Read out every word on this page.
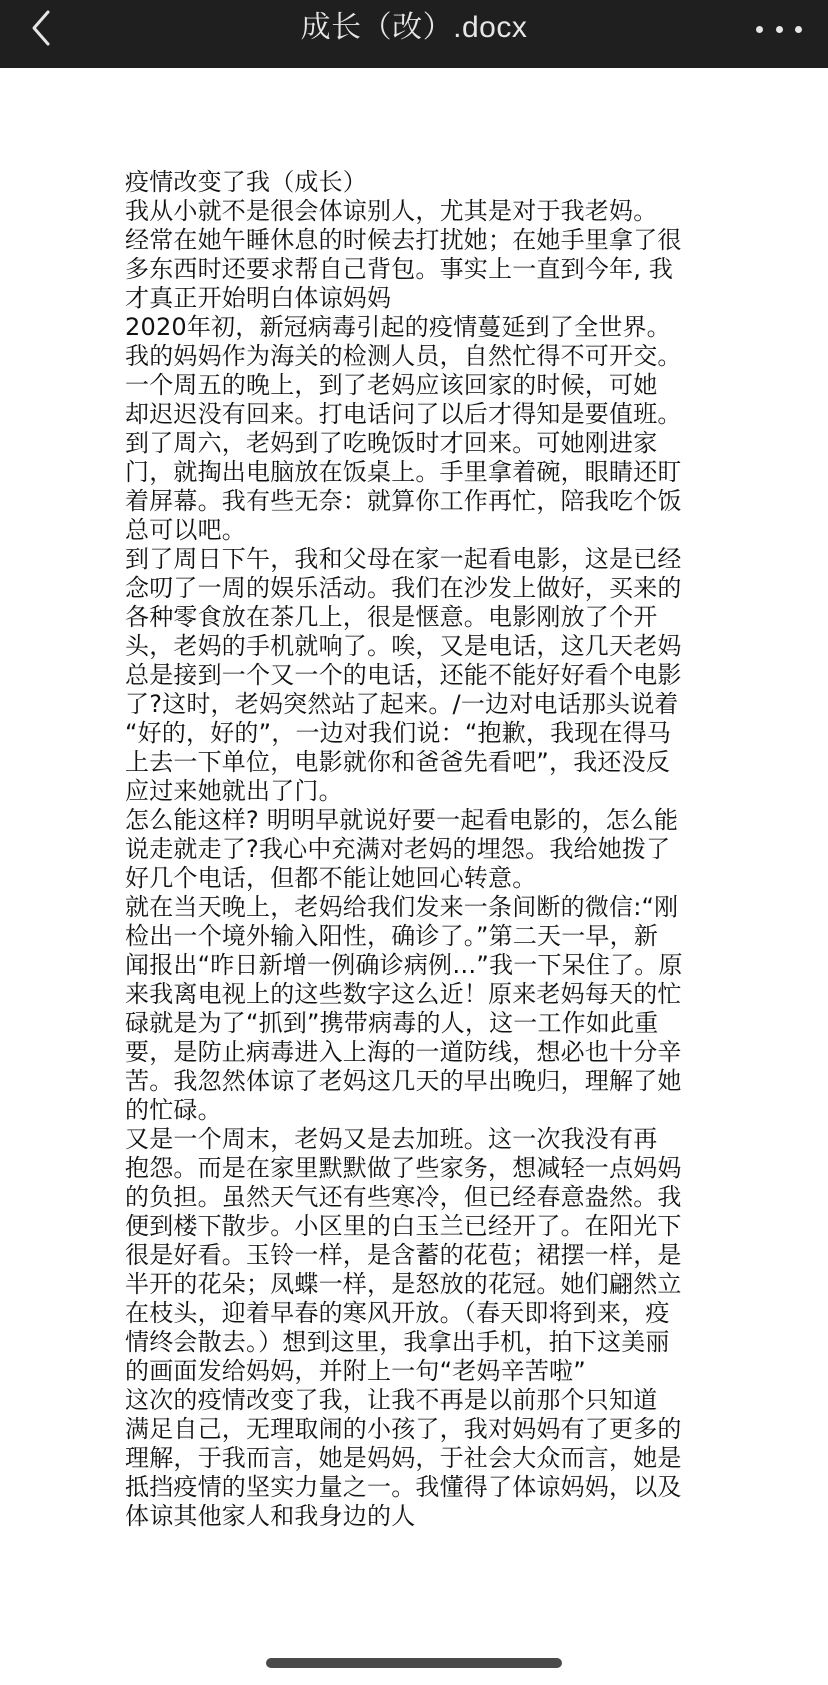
成长（改）.docx
疫情改变了我（成长）
我从小就不是很会体谅别人，尤其是对于我老妈。
经常在她午睡休息的时候去打扰她；在她手里拿了很
多东西时还要求帮自己背包。事实上一直到今年, 我
才真正开始明白体谅妈妈
2020年初，新冠病毒引起的疫情蔓延到了全世界。
我的妈妈作为海关的检测人员，自然忙得不可开交。
一个周五的晚上，到了老妈应该回家的时候，可她
却迟迟没有回来。打电话问了以后才得知是要值班。
到了周六，老妈到了吃晚饭时才回来。可她刚进家
门，就掏出电脑放在饭桌上。手里拿着碗，眼睛还盯
着屏幕。我有些无奈：就算你工作再忙，陪我吃个饭
总可以吧。
到了周日下午，我和父母在家一起看电影，这是已经
念叨了一周的娱乐活动。我们在沙发上做好，买来的
各种零食放在茶几上，很是惬意。电影刚放了个开
头，老妈的手机就响了。唉，又是电话，这几天老妈
总是接到一个又一个的电话，还能不能好好看个电影
了?这时，老妈突然站了起来。/一边对电话那头说着
“好的，好的”，一边对我们说：“抱歉，我现在得马
上去一下单位，电影就你和爸爸先看吧”，我还没反
应过来她就出了门。
怎么能这样? 明明早就说好要一起看电影的，怎么能
说走就走了?我心中充满对老妈的埋怨。我给她拨了
好几个电话，但都不能让她回心转意。
就在当天晚上，老妈给我们发来一条间断的微信:“刚
检出一个境外输入阳性，确诊了。”第二天一早，新
闻报出“昨日新增一例确诊病例…”我一下呆住了。原
来我离电视上的这些数字这么近！原来老妈每天的忙
碌就是为了“抓到”携带病毒的人，这一工作如此重
要，是防止病毒进入上海的一道防线，想必也十分辛
苦。我忽然体谅了老妈这几天的早出晚归，理解了她
的忙碌。
又是一个周末，老妈又是去加班。这一次我没有再
抱怨。而是在家里默默做了些家务，想减轻一点妈妈
的负担。虽然天气还有些寒冷，但已经春意盎然。我
便到楼下散步。小区里的白玉兰已经开了。在阳光下
很是好看。玉铃一样，是含蓄的花苞；裙摆一样，是
半开的花朵；凤蝶一样，是怒放的花冠。她们翩然立
在枝头，迎着早春的寒风开放。（春天即将到来，疫
情终会散去。）想到这里，我拿出手机，拍下这美丽
的画面发给妈妈，并附上一句“老妈辛苦啦”
这次的疫情改变了我，让我不再是以前那个只知道
满足自己，无理取闹的小孩了，我对妈妈有了更多的
理解，于我而言，她是妈妈，于社会大众而言，她是
抵挡疫情的坚实力量之一。我懂得了体谅妈妈，以及
体谅其他家人和我身边的人
